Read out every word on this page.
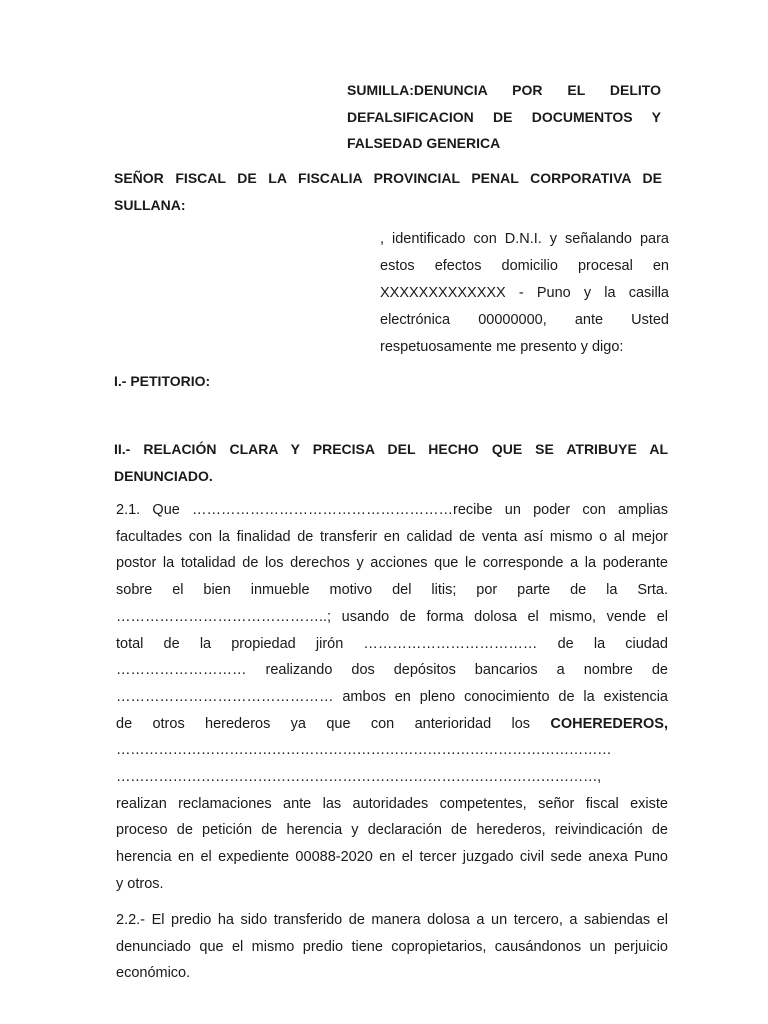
SUMILLA:DENUNCIA POR EL DELITO
DEFALSIFICACION DE DOCUMENTOS Y
FALSEDAD GENERICA
SEÑOR FISCAL DE LA FISCALIA PROVINCIAL PENAL CORPORATIVA DE
SULLANA:
, identificado con D.N.I. y señalando para
estos efectos domicilio procesal en
XXXXXXXXXXXXX - Puno y la casilla
electrónica 00000000, ante Usted
respetuosamente me presento y digo:
I.- PETITORIO:
II.- RELACIÓN CLARA Y PRECISA DEL HECHO QUE SE ATRIBUYE AL
DENUNCIADO.
2.1. Que ………………………………………………recibe un poder con amplias
facultades con la finalidad de transferir en calidad de venta así mismo o al mejor
postor la totalidad de los derechos y acciones que le corresponde a la poderante
sobre el bien inmueble motivo del litis; por parte de la Srta.
……………………………………..; usando de forma dolosa el mismo, vende el
total de la propiedad jirón ……………………………… de la ciudad
……………………… realizando dos depósitos bancarios a nombre de
……………………………………… ambos en pleno conocimiento de la existencia
de otros herederos ya que con anterioridad los COHEREDEROS,
……………………………………………………………………………………………
…………………………………………………………………………………………,
realizan reclamaciones ante las autoridades competentes, señor fiscal existe
proceso de petición de herencia y declaración de herederos, reivindicación de
herencia en el expediente 00088-2020 en el tercer juzgado civil sede anexa Puno
y otros.
2.2.- El predio ha sido transferido de manera dolosa a un tercero, a sabiendas el
denunciado que el mismo predio tiene copropietarios, causándonos un perjuicio
económico.
